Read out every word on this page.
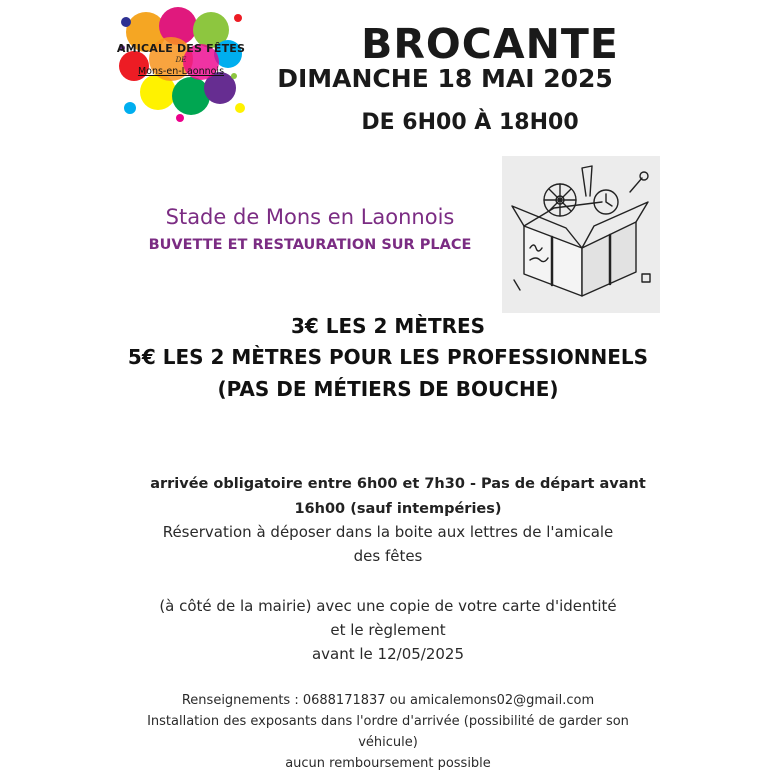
AMICALE DES FÊTES
DE
Mons-en-Laonnois
BROCANTE
DIMANCHE 18 MAI 2025
DE 6H00 À 18H00
Stade de Mons en Laonnois
BUVETTE ET RESTAURATION SUR PLACE
3€ LES 2 MÈTRES
5€ LES 2 MÈTRES POUR LES PROFESSIONNELS
(PAS DE MÉTIERS DE BOUCHE)
arrivée obligatoire entre 6h00 et 7h30 - Pas de départ avant
16h00 (sauf intempéries)
Réservation à déposer dans la boite aux lettres de l'amicale
des fêtes
(à côté de la mairie) avec une copie de votre carte d'identité
et le règlement
avant le 12/05/2025
Renseignements : 0688171837 ou amicalemons02@gmail.com
Installation des exposants dans l'ordre d'arrivée (possibilité de garder son
véhicule)
aucun remboursement possible
